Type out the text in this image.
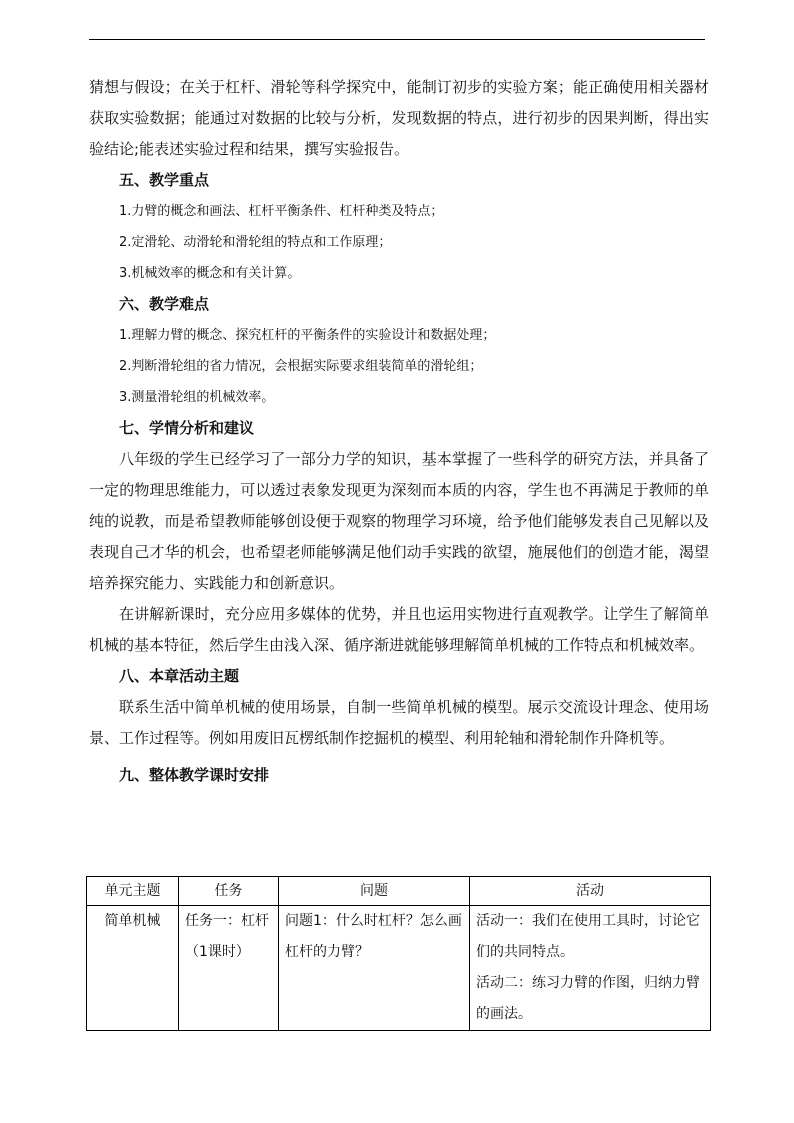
猜想与假设；在关于杠杆、滑轮等科学探究中，能制订初步的实验方案；能正确使用相关器材获取实验数据；能通过对数据的比较与分析，发现数据的特点，进行初步的因果判断，得出实验结论;能表述实验过程和结果，撰写实验报告。

五、教学重点

1.力臂的概念和画法、杠杆平衡条件、杠杆种类及特点；

2.定滑轮、动滑轮和滑轮组的特点和工作原理；

3.机械效率的概念和有关计算。

六、教学难点

1.理解力臂的概念、探究杠杆的平衡条件的实验设计和数据处理；

2.判断滑轮组的省力情况，会根据实际要求组装简单的滑轮组；

3.测量滑轮组的机械效率。

七、学情分析和建议

八年级的学生已经学习了一部分力学的知识，基本掌握了一些科学的研究方法，并具备了一定的物理思维能力，可以透过表象发现更为深刻而本质的内容，学生也不再满足于教师的单纯的说教，而是希望教师能够创设便于观察的物理学习环境，给予他们能够发表自己见解以及表现自己才华的机会，也希望老师能够满足他们动手实践的欲望，施展他们的创造才能，渴望培养探究能力、实践能力和创新意识。

在讲解新课时，充分应用多媒体的优势，并且也运用实物进行直观教学。让学生了解简单机械的基本特征，然后学生由浅入深、循序渐进就能够理解简单机械的工作特点和机械效率。

八、本章活动主题

联系生活中简单机械的使用场景，自制一些简单机械的模型。展示交流设计理念、使用场景、工作过程等。例如用废旧瓦楞纸制作挖掘机的模型、利用轮轴和滑轮制作升降机等。

九、整体教学课时安排

单元主题	任务	问题	活动
简单机械	任务一：杠杆（1课时）	问题1：什么时杠杆？怎么画杠杆的力臂？	活动一：我们在使用工具时，讨论它们的共同特点。
活动二：练习力臂的作图，归纳力臂的画法。
